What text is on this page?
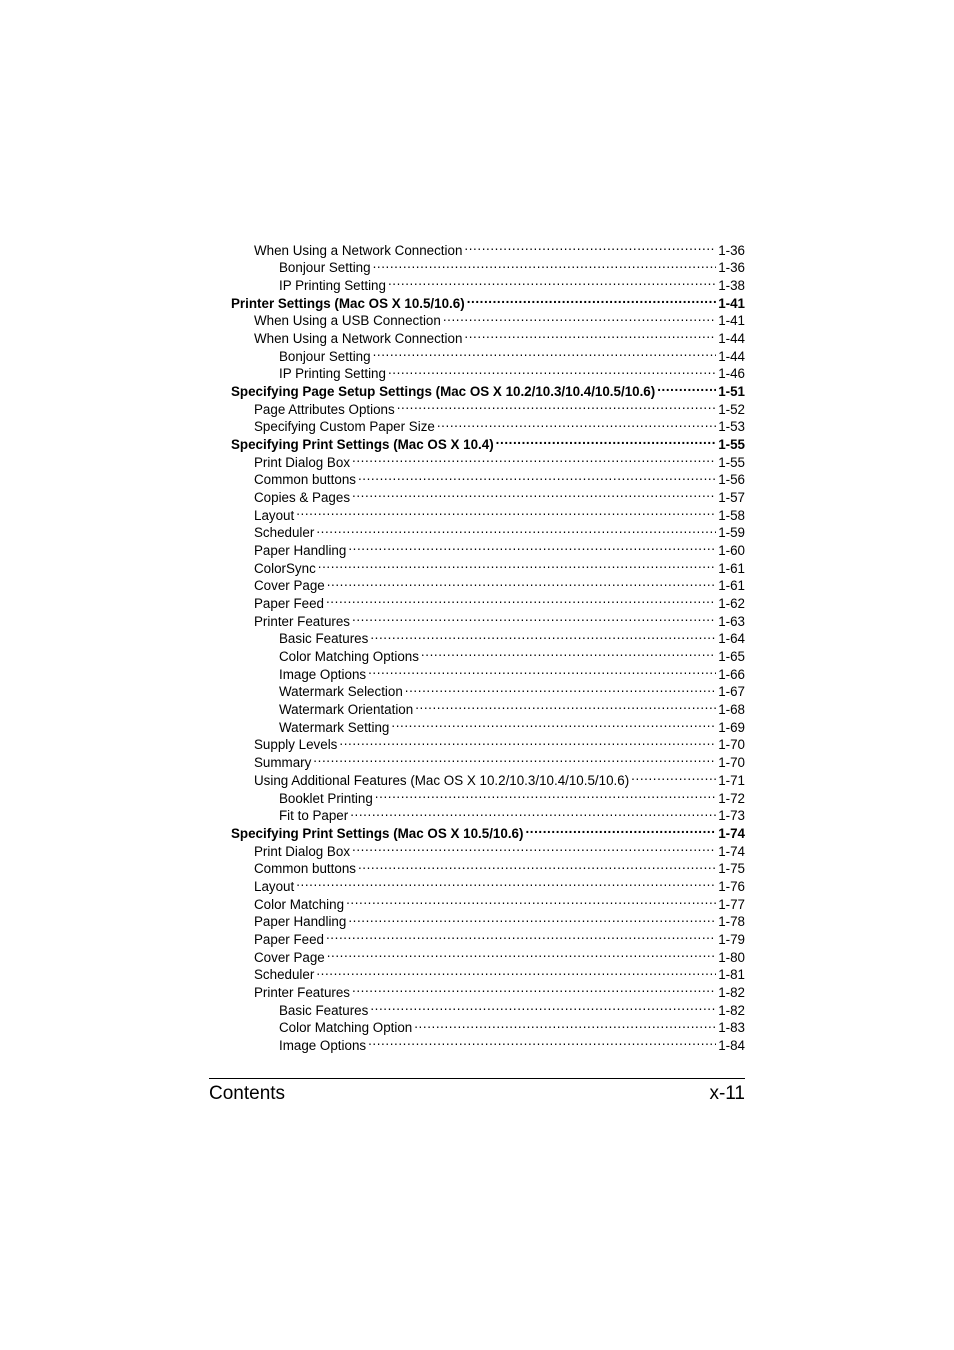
When Using a Network Connection .....	1-36
Bonjour Setting .....	1-36
IP Printing Setting .....	1-38
Printer Settings (Mac OS X 10.5/10.6) .....	1-41
When Using a USB Connection .....	1-41
When Using a Network Connection .....	1-44
Bonjour Setting .....	1-44
IP Printing Setting .....	1-46
Specifying Page Setup Settings (Mac OS X 10.2/10.3/10.4/10.5/10.6) .....	1-51
Page Attributes Options .....	1-52
Specifying Custom Paper Size .....	1-53
Specifying Print Settings (Mac OS X 10.4) .....	1-55
Print Dialog Box .....	1-55
Common buttons .....	1-56
Copies & Pages .....	1-57
Layout .....	1-58
Scheduler .....	1-59
Paper Handling .....	1-60
ColorSync .....	1-61
Cover Page .....	1-61
Paper Feed .....	1-62
Printer Features .....	1-63
Basic Features .....	1-64
Color Matching Options .....	1-65
Image Options .....	1-66
Watermark Selection .....	1-67
Watermark Orientation .....	1-68
Watermark Setting .....	1-69
Supply Levels .....	1-70
Summary .....	1-70
Using Additional Features (Mac OS X 10.2/10.3/10.4/10.5/10.6) .....	1-71
Booklet Printing .....	1-72
Fit to Paper .....	1-73
Specifying Print Settings (Mac OS X 10.5/10.6) .....	1-74
Print Dialog Box .....	1-74
Common buttons .....	1-75
Layout .....	1-76
Color Matching .....	1-77
Paper Handling .....	1-78
Paper Feed .....	1-79
Cover Page .....	1-80
Scheduler .....	1-81
Printer Features .....	1-82
Basic Features .....	1-82
Color Matching Option .....	1-83
Image Options .....	1-84
Contents	x-11
